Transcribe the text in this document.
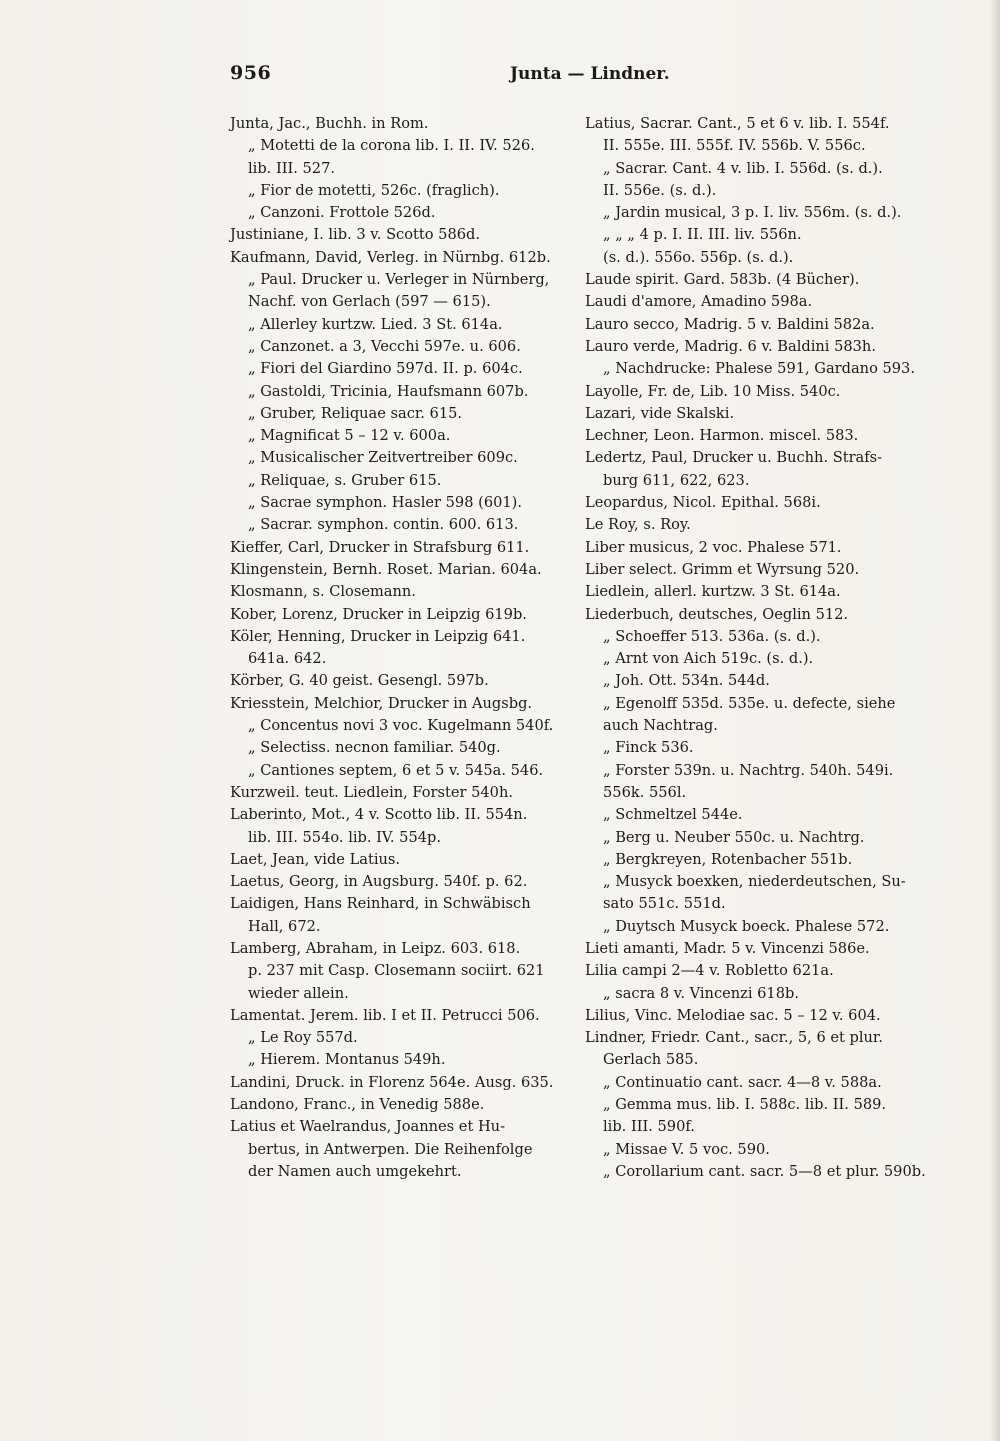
956	Junta — Lindner.
Junta, Jac., Buchh. in Rom.
„ Motetti de la corona lib. I. II. IV. 526.
lib. III. 527.
„ Fior de motetti, 526c. (fraglich).
„ Canzoni. Frottole 526d.
Justiniane, I. lib. 3 v. Scotto 586d.
Kaufmann, David, Verleg. in Nürnbg. 612b.
„ Paul. Drucker u. Verleger in Nürnberg,
Nachf. von Gerlach (597 — 615).
„ Allerley kurtzw. Lied. 3 St. 614a.
„ Canzonet. a 3, Vecchi 597e. u. 606.
„ Fiori del Giardino 597d. II. p. 604c.
„ Gastoldi, Tricinia, Haufsmann 607b.
„ Gruber, Reliquae sacr. 615.
„ Magnificat 5 – 12 v. 600a.
„ Musicalischer Zeitvertreiber 609c.
„ Reliquae, s. Gruber 615.
„ Sacrae symphon. Hasler 598 (601).
„ Sacrar. symphon. contin. 600. 613.
Kieffer, Carl, Drucker in Strafsburg 611.
Klingenstein, Bernh. Roset. Marian. 604a.
Klosmann, s. Closemann.
Kober, Lorenz, Drucker in Leipzig 619b.
Köler, Henning, Drucker in Leipzig 641.
641a. 642.
Körber, G. 40 geist. Gesengl. 597b.
Kriesstein, Melchior, Drucker in Augsbg.
„ Concentus novi 3 voc. Kugelmann 540f.
„ Selectiss. necnon familiar. 540g.
„ Cantiones septem, 6 et 5 v. 545a. 546.
Kurzweil. teut. Liedlein, Forster 540h.
Laberinto, Mot., 4 v. Scotto lib. II. 554n.
lib. III. 554o. lib. IV. 554p.
Laet, Jean, vide Latius.
Laetus, Georg, in Augsburg. 540f. p. 62.
Laidigen, Hans Reinhard, in Schwäbisch
Hall, 672.
Lamberg, Abraham, in Leipz. 603. 618.
p. 237 mit Casp. Closemann sociirt. 621
wieder allein.
Lamentat. Jerem. lib. I et II. Petrucci 506.
„ Le Roy 557d.
„ Hierem. Montanus 549h.
Landini, Druck. in Florenz 564e. Ausg. 635.
Landono, Franc., in Venedig 588e.
Latius et Waelrandus, Joannes et Hu-
bertus, in Antwerpen. Die Reihenfolge
der Namen auch umgekehrt.
Latius, Sacrar. Cant., 5 et 6 v. lib. I. 554f.
II. 555e. III. 555f. IV. 556b. V. 556c.
„ Sacrar. Cant. 4 v. lib. I. 556d. (s. d.).
II. 556e. (s. d.).
„ Jardin musical, 3 p. I. liv. 556m. (s. d.).
„ „ „ 4 p. I. II. III. liv. 556n.
(s. d.). 556o. 556p. (s. d.).
Laude spirit. Gard. 583b. (4 Bücher).
Laudi d'amore, Amadino 598a.
Lauro secco, Madrig. 5 v. Baldini 582a.
Lauro verde, Madrig. 6 v. Baldini 583h.
„ Nachdrucke: Phalese 591, Gardano 593.
Layolle, Fr. de, Lib. 10 Miss. 540c.
Lazari, vide Skalski.
Lechner, Leon. Harmon. miscel. 583.
Ledertz, Paul, Drucker u. Buchh. Strafs-
burg 611, 622, 623.
Leopardus, Nicol. Epithal. 568i.
Le Roy, s. Roy.
Liber musicus, 2 voc. Phalese 571.
Liber select. Grimm et Wyrsung 520.
Liedlein, allerl. kurtzw. 3 St. 614a.
Liederbuch, deutsches, Oeglin 512.
„ Schoeffer 513. 536a. (s. d.).
„ Arnt von Aich 519c. (s. d.).
„ Joh. Ott. 534n. 544d.
„ Egenolff 535d. 535e. u. defecte, siehe
auch Nachtrag.
„ Finck 536.
„ Forster 539n. u. Nachtrg. 540h. 549i.
556k. 556l.
„ Schmeltzel 544e.
„ Berg u. Neuber 550c. u. Nachtrg.
„ Bergkreyen, Rotenbacher 551b.
„ Musyck boexken, niederdeutschen, Su-
sato 551c. 551d.
„ Duytsch Musyck boeck. Phalese 572.
Lieti amanti, Madr. 5 v. Vincenzi 586e.
Lilia campi 2—4 v. Robletto 621a.
„ sacra 8 v. Vincenzi 618b.
Lilius, Vinc. Melodiae sac. 5 – 12 v. 604.
Lindner, Friedr. Cant., sacr., 5, 6 et plur.
Gerlach 585.
„ Continuatio cant. sacr. 4—8 v. 588a.
„ Gemma mus. lib. I. 588c. lib. II. 589.
lib. III. 590f.
„ Missae V. 5 voc. 590.
„ Corollarium cant. sacr. 5—8 et plur. 590b.
